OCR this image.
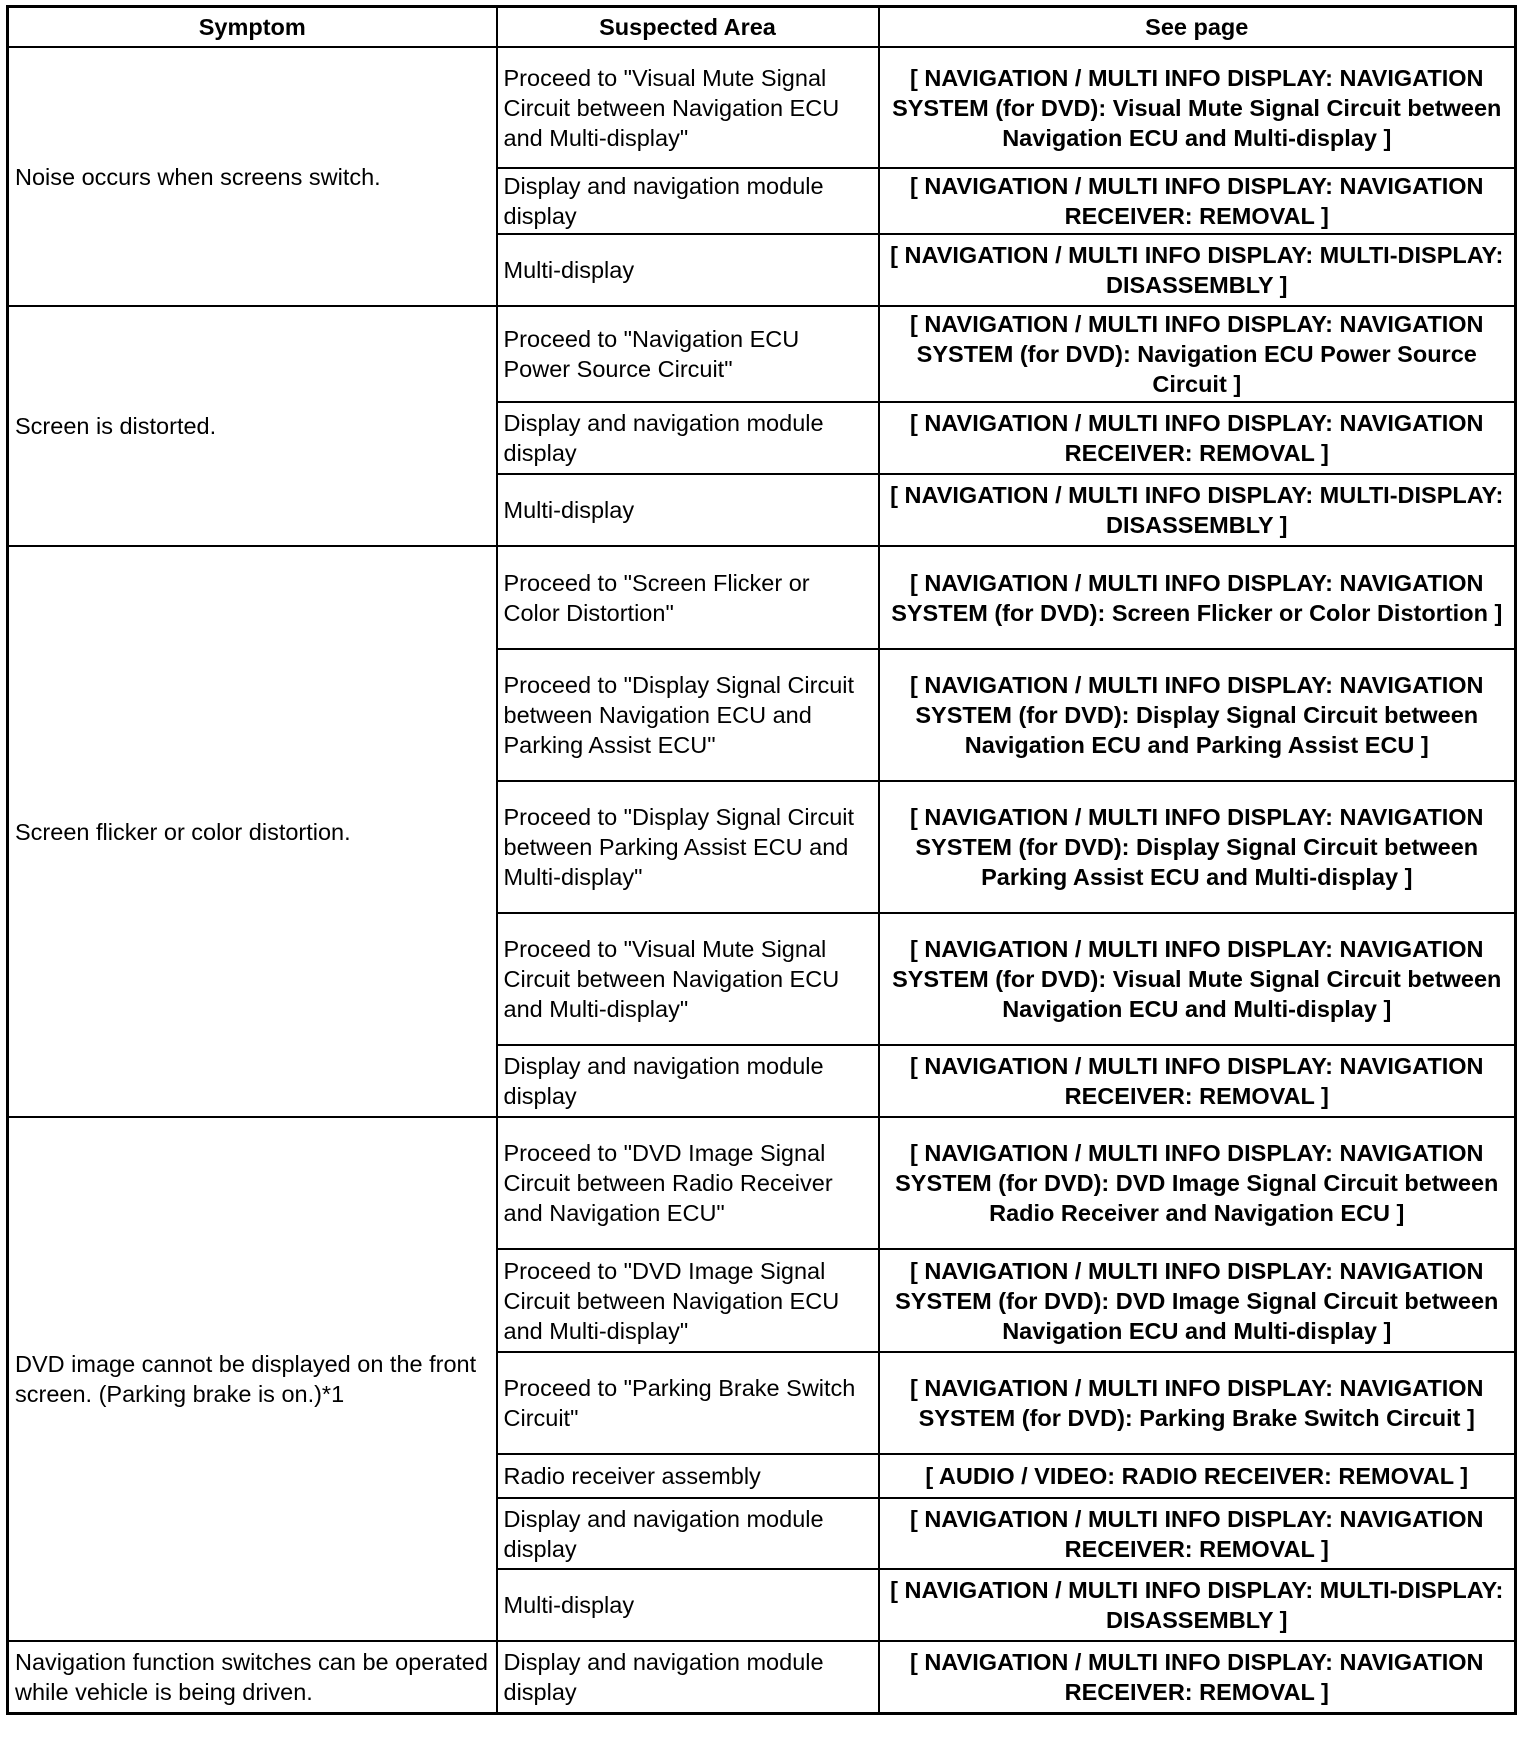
Symptom	Suspected Area	See page
Noise occurs when screens switch.	Proceed to "Visual Mute Signal Circuit between Navigation ECU and Multi-display"	[ NAVIGATION / MULTI INFO DISPLAY: NAVIGATION SYSTEM (for DVD): Visual Mute Signal Circuit between Navigation ECU and Multi-display ]
	Display and navigation module display	[ NAVIGATION / MULTI INFO DISPLAY: NAVIGATION RECEIVER: REMOVAL ]
	Multi-display	[ NAVIGATION / MULTI INFO DISPLAY: MULTI-DISPLAY: DISASSEMBLY ]
Screen is distorted.	Proceed to "Navigation ECU Power Source Circuit"	[ NAVIGATION / MULTI INFO DISPLAY: NAVIGATION SYSTEM (for DVD): Navigation ECU Power Source Circuit ]
	Display and navigation module display	[ NAVIGATION / MULTI INFO DISPLAY: NAVIGATION RECEIVER: REMOVAL ]
	Multi-display	[ NAVIGATION / MULTI INFO DISPLAY: MULTI-DISPLAY: DISASSEMBLY ]
Screen flicker or color distortion.	Proceed to "Screen Flicker or Color Distortion"	[ NAVIGATION / MULTI INFO DISPLAY: NAVIGATION SYSTEM (for DVD): Screen Flicker or Color Distortion ]
	Proceed to "Display Signal Circuit between Navigation ECU and Parking Assist ECU"	[ NAVIGATION / MULTI INFO DISPLAY: NAVIGATION SYSTEM (for DVD): Display Signal Circuit between Navigation ECU and Parking Assist ECU ]
	Proceed to "Display Signal Circuit between Parking Assist ECU and Multi-display"	[ NAVIGATION / MULTI INFO DISPLAY: NAVIGATION SYSTEM (for DVD): Display Signal Circuit between Parking Assist ECU and Multi-display ]
	Proceed to "Visual Mute Signal Circuit between Navigation ECU and Multi-display"	[ NAVIGATION / MULTI INFO DISPLAY: NAVIGATION SYSTEM (for DVD): Visual Mute Signal Circuit between Navigation ECU and Multi-display ]
	Display and navigation module display	[ NAVIGATION / MULTI INFO DISPLAY: NAVIGATION RECEIVER: REMOVAL ]
DVD image cannot be displayed on the front screen. (Parking brake is on.)*1	Proceed to "DVD Image Signal Circuit between Radio Receiver and Navigation ECU"	[ NAVIGATION / MULTI INFO DISPLAY: NAVIGATION SYSTEM (for DVD): DVD Image Signal Circuit between Radio Receiver and Navigation ECU ]
	Proceed to "DVD Image Signal Circuit between Navigation ECU and Multi-display"	[ NAVIGATION / MULTI INFO DISPLAY: NAVIGATION SYSTEM (for DVD): DVD Image Signal Circuit between Navigation ECU and Multi-display ]
	Proceed to "Parking Brake Switch Circuit"	[ NAVIGATION / MULTI INFO DISPLAY: NAVIGATION SYSTEM (for DVD): Parking Brake Switch Circuit ]
	Radio receiver assembly	[ AUDIO / VIDEO: RADIO RECEIVER: REMOVAL ]
	Display and navigation module display	[ NAVIGATION / MULTI INFO DISPLAY: NAVIGATION RECEIVER: REMOVAL ]
	Multi-display	[ NAVIGATION / MULTI INFO DISPLAY: MULTI-DISPLAY: DISASSEMBLY ]
Navigation function switches can be operated while vehicle is being driven.	Display and navigation module display	[ NAVIGATION / MULTI INFO DISPLAY: NAVIGATION RECEIVER: REMOVAL ]
